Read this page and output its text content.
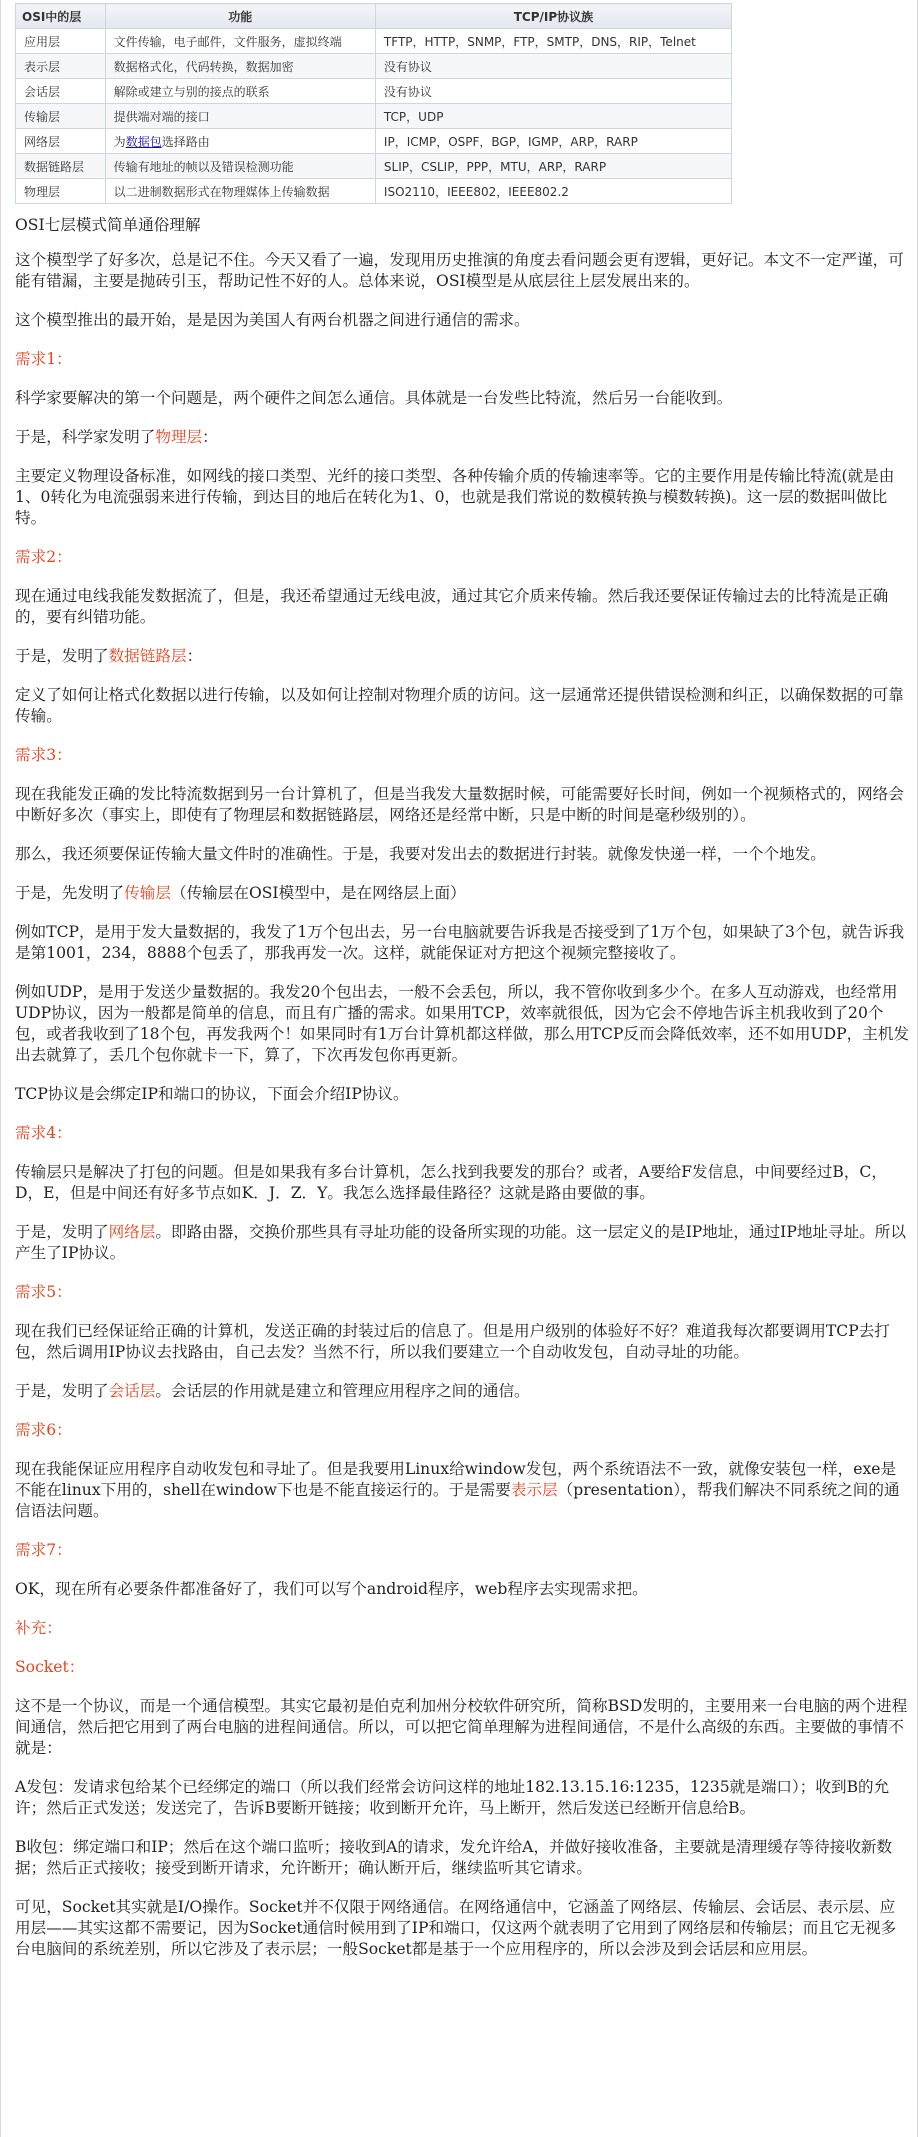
OSI中的层	功能	TCP/IP协议族
应用层	文件传输，电子邮件，文件服务，虚拟终端	TFTP，HTTP，SNMP，FTP，SMTP，DNS，RIP，Telnet
表示层	数据格式化，代码转换，数据加密	没有协议
会话层	解除或建立与别的接点的联系	没有协议
传输层	提供端对端的接口	TCP，UDP
网络层	为数据包选择路由	IP，ICMP，OSPF，BGP，IGMP，ARP，RARP
数据链路层	传输有地址的帧以及错误检测功能	SLIP，CSLIP，PPP，MTU，ARP，RARP
物理层	以二进制数据形式在物理媒体上传输数据	ISO2110，IEEE802，IEEE802.2

OSI七层模式简单通俗理解

这个模型学了好多次，总是记不住。今天又看了一遍，发现用历史推演的角度去看问题会更有逻辑，更好记。本文不一定严谨，可能有错漏，主要是抛砖引玉，帮助记性不好的人。总体来说，OSI模型是从底层往上层发展出来的。

这个模型推出的最开始，是是因为美国人有两台机器之间进行通信的需求。

需求1：

科学家要解决的第一个问题是，两个硬件之间怎么通信。具体就是一台发些比特流，然后另一台能收到。

于是，科学家发明了物理层：

主要定义物理设备标准，如网线的接口类型、光纤的接口类型、各种传输介质的传输速率等。它的主要作用是传输比特流(就是由1、0转化为电流强弱来进行传输，到达目的地后在转化为1、0，也就是我们常说的数模转换与模数转换)。这一层的数据叫做比特。

需求2：

现在通过电线我能发数据流了，但是，我还希望通过无线电波，通过其它介质来传输。然后我还要保证传输过去的比特流是正确的，要有纠错功能。

于是，发明了数据链路层：

定义了如何让格式化数据以进行传输，以及如何让控制对物理介质的访问。这一层通常还提供错误检测和纠正，以确保数据的可靠传输。

需求3：

现在我能发正确的发比特流数据到另一台计算机了，但是当我发大量数据时候，可能需要好长时间，例如一个视频格式的，网络会中断好多次（事实上，即使有了物理层和数据链路层，网络还是经常中断，只是中断的时间是毫秒级别的）。

那么，我还须要保证传输大量文件时的准确性。于是，我要对发出去的数据进行封装。就像发快递一样，一个个地发。

于是，先发明了传输层（传输层在OSI模型中，是在网络层上面）

例如TCP，是用于发大量数据的，我发了1万个包出去，另一台电脑就要告诉我是否接受到了1万个包，如果缺了3个包，就告诉我是第1001，234，8888个包丢了，那我再发一次。这样，就能保证对方把这个视频完整接收了。

例如UDP，是用于发送少量数据的。我发20个包出去，一般不会丢包，所以，我不管你收到多少个。在多人互动游戏，也经常用UDP协议，因为一般都是简单的信息，而且有广播的需求。如果用TCP，效率就很低，因为它会不停地告诉主机我收到了20个包，或者我收到了18个包，再发我两个！如果同时有1万台计算机都这样做，那么用TCP反而会降低效率，还不如用UDP，主机发出去就算了，丢几个包你就卡一下，算了，下次再发包你再更新。

TCP协议是会绑定IP和端口的协议，下面会介绍IP协议。

需求4：

传输层只是解决了打包的问题。但是如果我有多台计算机，怎么找到我要发的那台？或者，A要给F发信息，中间要经过B，C，D，E，但是中间还有好多节点如K．J．Z．Y。我怎么选择最佳路径？这就是路由要做的事。

于是，发明了网络层。即路由器，交换价那些具有寻址功能的设备所实现的功能。这一层定义的是IP地址，通过IP地址寻址。所以产生了IP协议。

需求5：

现在我们已经保证给正确的计算机，发送正确的封装过后的信息了。但是用户级别的体验好不好？难道我每次都要调用TCP去打包，然后调用IP协议去找路由，自己去发？当然不行，所以我们要建立一个自动收发包，自动寻址的功能。

于是，发明了会话层。会话层的作用就是建立和管理应用程序之间的通信。

需求6：

现在我能保证应用程序自动收发包和寻址了。但是我要用Linux给window发包，两个系统语法不一致，就像安装包一样，exe是不能在linux下用的，shell在window下也是不能直接运行的。于是需要表示层（presentation），帮我们解决不同系统之间的通信语法问题。

需求7：

OK，现在所有必要条件都准备好了，我们可以写个android程序，web程序去实现需求把。

补充：

Socket：

这不是一个协议，而是一个通信模型。其实它最初是伯克利加州分校软件研究所，简称BSD发明的，主要用来一台电脑的两个进程间通信，然后把它用到了两台电脑的进程间通信。所以，可以把它简单理解为进程间通信，不是什么高级的东西。主要做的事情不就是：

A发包：发请求包给某个已经绑定的端口（所以我们经常会访问这样的地址182.13.15.16:1235，1235就是端口）；收到B的允许；然后正式发送；发送完了，告诉B要断开链接；收到断开允许，马上断开，然后发送已经断开信息给B。

B收包：绑定端口和IP；然后在这个端口监听；接收到A的请求，发允许给A，并做好接收准备，主要就是清理缓存等待接收新数据；然后正式接收；接受到断开请求，允许断开；确认断开后，继续监听其它请求。

可见，Socket其实就是I/O操作。Socket并不仅限于网络通信。在网络通信中，它涵盖了网络层、传输层、会话层、表示层、应用层——其实这都不需要记，因为Socket通信时候用到了IP和端口，仅这两个就表明了它用到了网络层和传输层；而且它无视多台电脑间的系统差别，所以它涉及了表示层；一般Socket都是基于一个应用程序的，所以会涉及到会话层和应用层。
